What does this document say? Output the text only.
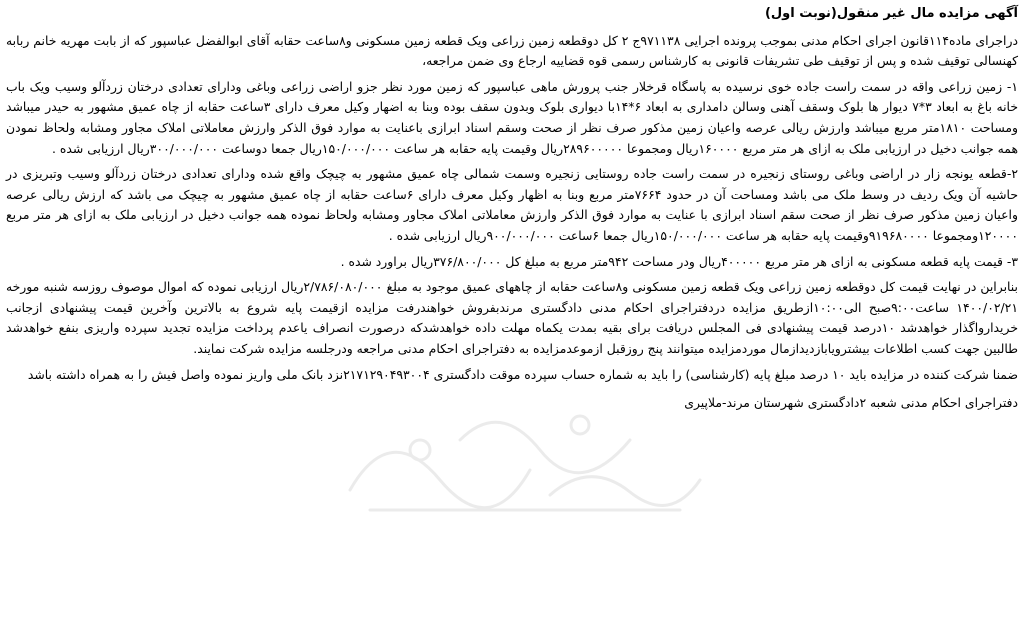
آگهی مزایده مال غیر منقول(نوبت اول)
دراجرای ماده۱۱۴قانون اجرای احکام مدنی بموجب پرونده اجرایی ۹۷۱۱۳۸ج ۲ کل دوقطعه زمین زراعی ویک قطعه زمین مسکونی و۸ساعت حقابه آقای ابوالفضل عباسپور که از بابت مهریه خانم ربابه کهنسالی توقیف شده و پس از توقیف طی تشریفات قانونی به کارشناس رسمی قوه قضاییه ارجاع وی ضمن مراجعه،
۱- زمین زراعی واقه در سمت راست جاده خوی نرسیده به پاسگاه قرخلار جنب پرورش ماهی عباسپور که زمین مورد نظر جزو اراضی زراعی وباغی ودارای تعدادی درختان زردآلو وسیب ویک باب خانه باغ به ابعاد ۳*۷ دیوار ها بلوک وسقف آهنی وسالن دامداری به ابعاد ۶*۱۴با دیواری بلوک وبدون سقف بوده وبنا به اضهار وکیل معرف دارای ۳ساعت حقابه از چاه عمیق مشهور به حیدر میباشد ومساحت ۱۸۱۰متر مربع میباشد وارزش ریالی عرصه واعیان زمین مذکور صرف نظر از صحت وسقم اسناد ابرازی باعنایت به موارد فوق الذکر وارزش معاملاتی املاک مجاور ومشابه ولحاظ نمودن همه جوانب دخیل در ارزیابی ملک به ازای هر متر مربع ۱۶۰۰۰۰ریال ومجموعا ۲۸۹۶۰۰۰۰۰ریال وقیمت پایه حقابه هر ساعت ۱۵۰/۰۰۰/۰۰۰ریال جمعا دوساعت ۳۰۰/۰۰۰/۰۰۰ریال ارزیابی شده .
۲-قطعه یونجه زار در اراضی وباغی روستای زنجیره در سمت راست جاده روستایی زنجیره وسمت شمالی چاه عمیق مشهور به چیچک واقع شده ودارای تعدادی درختان زردآلو وسیب وتبریزی در حاشیه آن ویک ردیف در وسط ملک می باشد ومساحت آن در حدود ۷۶۶۴متر مربع وبنا به اظهار وکیل معرف دارای ۶ساعت حقابه از چاه عمیق مشهور به چیچک می باشد که ارزش ریالی عرصه واعیان زمین مذکور صرف نظر از صحت سقم اسناد ابرازی با عنایت به موارد فوق الذکر وارزش معاملاتی املاک مجاور ومشابه ولحاظ نموده همه جوانب دخیل در ارزیابی ملک به ازای هر متر مربع ۱۲۰۰۰۰ومجموعا ۹۱۹۶۸۰۰۰۰وقیمت پایه حقابه هر ساعت ۱۵۰/۰۰۰/۰۰۰ریال جمعا ۶ساعت ۹۰۰/۰۰۰/۰۰۰ریال ارزیابی شده .
۳- قیمت پایه قطعه مسکونی به ازای هر متر مربع ۴۰۰۰۰۰ریال ودر مساحت ۹۴۲متر مربع به مبلغ کل ۳۷۶/۸۰۰/۰۰۰ریال براورد شده .
بنابراین در نهایت قیمت کل دوقطعه زمین زراعی ویک قطعه زمین مسکونی و۸ساعت حقابه از چاههای عمیق موجود به مبلغ ۲/۷۸۶/۰۸۰/۰۰۰ریال ارزیابی نموده که اموال موصوف روزسه شنبه مورخه ۱۴۰۰/۰۲/۲۱ ساعت۹:۰۰صبح الی۱۰:۰۰ازطریق مزایده دردفتراجرای احکام مدنی دادگستری مرندبفروش خواهندرفت مزایده ازقیمت پایه شروع به بالاترین وآخرین قیمت پیشنهادی ازجانب خریداروا‌گذار خواهدشد ۱۰درصد قیمت پیشنهادی فی المجلس دریافت برای بقیه بمدت یکماه مهلت داده خواهدشدکه درصورت انصراف یاعدم پرداخت مزایده تجدید سپرده واریزی بنفع خواهدشد طالبین جهت کسب اطلاعات بیشترویابازدیدازمال موردمزایده میتوانند پنج روزقبل ازموعدمزایده به دفتراجرای احکام مدنی مراجعه ودرجلسه مزایده شرکت نمایند.
ضمنا شرکت کننده در مزایده باید ۱۰ درصد مبلغ پایه (کارشناسی) را باید به شماره حساب سپرده موقت دادگستری ۲۱۷۱۲۹۰۴۹۳۰۰۴نزد بانک ملی واریز نموده واصل فیش را به همراه داشته باشد
دفتراجرای احکام مدنی شعبه ۲دادگستری شهرستان مرند-ملاپیری
